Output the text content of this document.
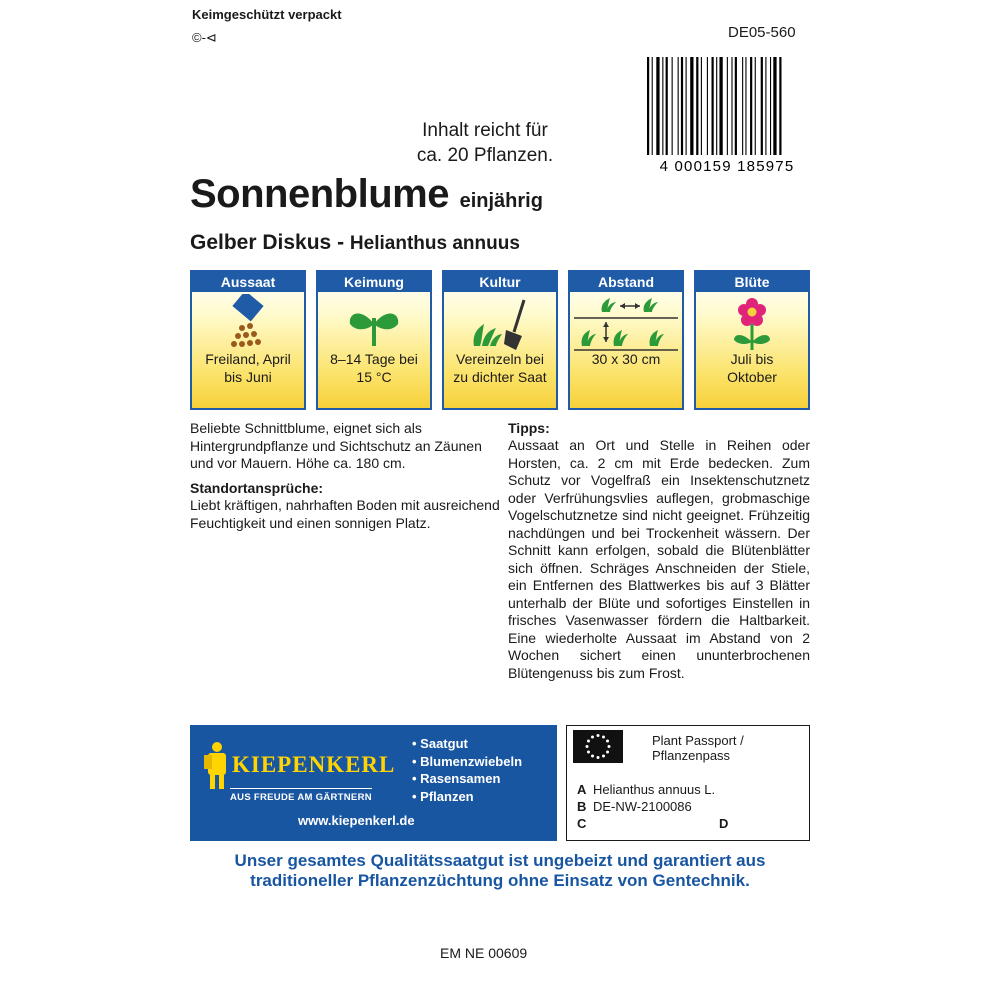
Keimgeschützt verpackt
©-⊲	DE05-560
4 000159 185975
Inhalt reicht für
ca. 20 Pflanzen.
Sonnenblume einjährig
Gelber Diskus - Helianthus annuus
Aussaat
Freiland, April
bis Juni
Keimung
8–14 Tage bei
15 °C
Kultur
Vereinzeln bei
zu dichter Saat
Abstand
30 x 30 cm
Blüte
Juli bis
Oktober
Beliebte Schnittblume, eignet sich als Hintergrundpflanze und Sichtschutz an Zäunen und vor Mauern. Höhe ca. 180 cm.
Standortansprüche:
Liebt kräftigen, nahrhaften Boden mit ausreichend Feuchtigkeit und einen sonnigen Platz.
Tipps:
Aussaat an Ort und Stelle in Reihen oder Horsten, ca. 2 cm mit Erde bedecken. Zum Schutz vor Vogelfraß ein Insektenschutznetz oder Verfrühungsvlies auflegen, grobmaschige Vogelschutznetze sind nicht geeignet. Frühzeitig nachdüngen und bei Trockenheit wässern. Der Schnitt kann erfolgen, sobald die Blütenblätter sich öffnen. Schräges Anschneiden der Stiele, ein Entfernen des Blattwerkes bis auf 3 Blätter unterhalb der Blüte und sofortiges Einstellen in frisches Vasenwasser fördern die Haltbarkeit. Eine wiederholte Aussaat im Abstand von 2 Wochen sichert einen ununterbrochenen Blütengenuss bis zum Frost.
KIEPENKERL
AUS FREUDE AM GÄRTNERN
www.kiepenkerl.de
• Saatgut
• Blumenzwiebeln
• Rasensamen
• Pflanzen
Plant Passport /
Pflanzenpass
A Helianthus annuus L.
B DE-NW-2100086
C	D
Unser gesamtes Qualitätssaatgut ist ungebeizt und garantiert aus
traditioneller Pflanzenzüchtung ohne Einsatz von Gentechnik.
EM NE 00609
